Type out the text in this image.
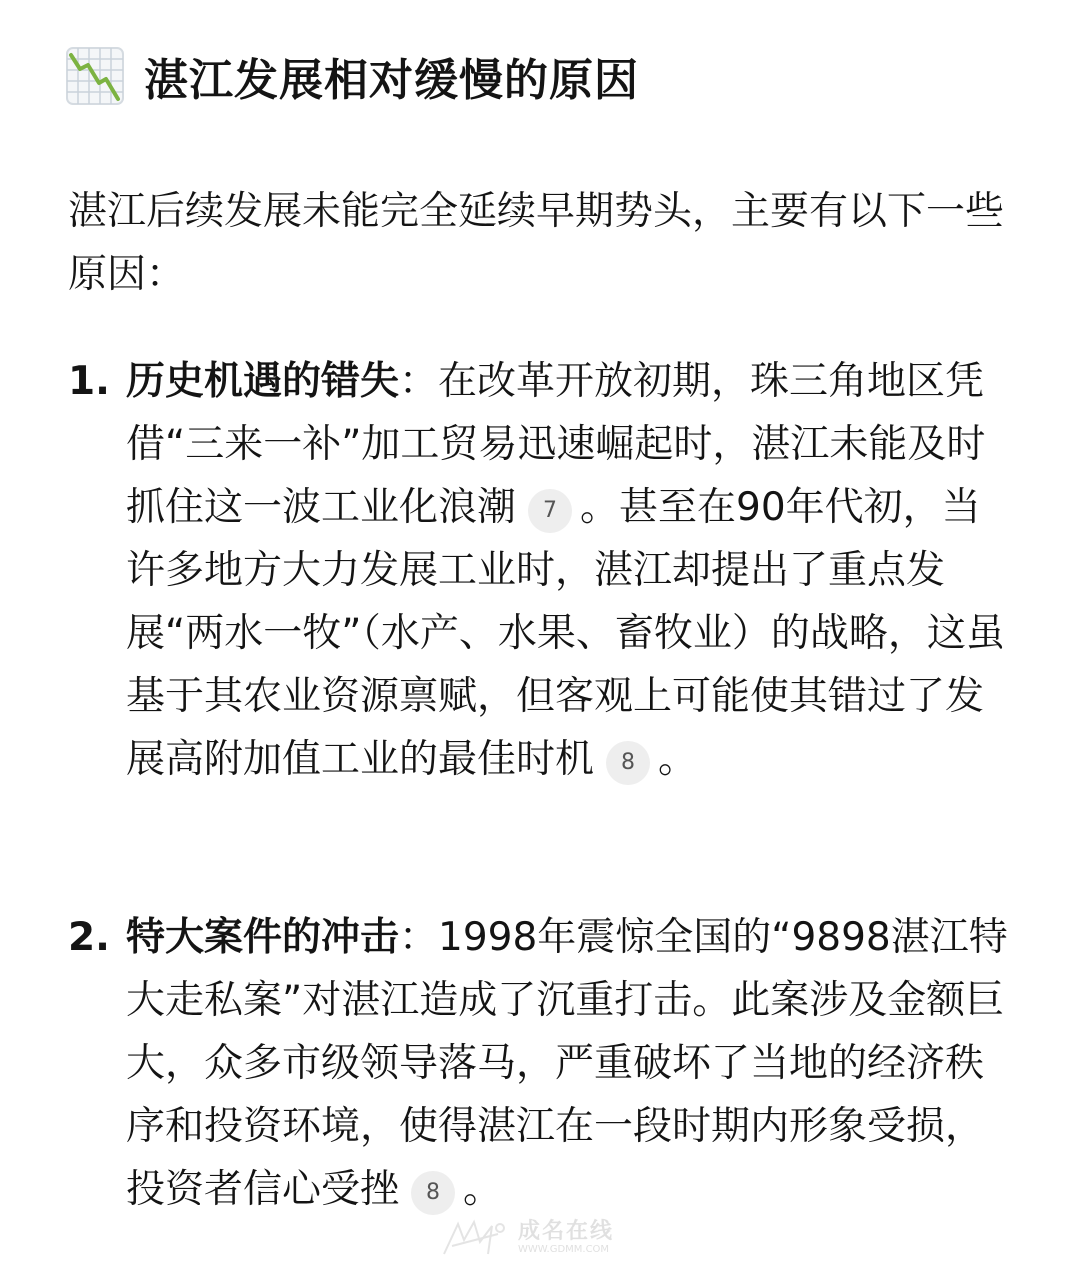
湛江发展相对缓慢的原因

湛江后续发展未能完全延续早期势头，主要有以下一些原因：

1. 历史机遇的错失：在改革开放初期，珠三角地区凭借“三来一补”加工贸易迅速崛起时，湛江未能及时抓住这一波工业化浪潮 7 。甚至在90年代初，当许多地方大力发展工业时，湛江却提出了重点发展“两水一牧”（水产、水果、畜牧业）的战略，这虽基于其农业资源禀赋，但客观上可能使其错过了发展高附加值工业的最佳时机 8 。
2. 特大案件的冲击：1998年震惊全国的“9898湛江特大走私案”对湛江造成了沉重打击。此案涉及金额巨大，众多市级领导落马，严重破坏了当地的经济秩序和投资环境，使得湛江在一段时期内形象受损，投资者信心受挫 8 。
成名在线
WWW.GDMM.COM
